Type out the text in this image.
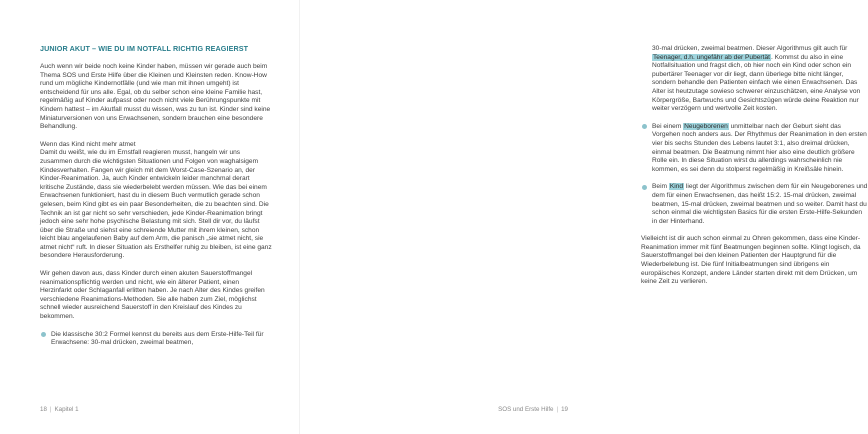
JUNIOR AKUT – WIE DU IM NOTFALL RICHTIG REAGIERST

Auch wenn wir beide noch keine Kinder haben, müssen wir gerade auch beim Thema SOS und Erste Hilfe über die Kleinen und Kleinsten reden. Know-How rund um mögliche Kindernotfälle (und wie man mit ihnen umgeht) ist entscheidend für uns alle. Egal, ob du selber schon eine kleine Familie hast, regelmäßig auf Kinder aufpasst oder noch nicht viele Berührungspunkte mit Kindern hattest – im Akutfall musst du wissen, was zu tun ist. Kinder sind keine Miniaturversionen von uns Erwachsenen, sondern brauchen eine besondere Behandlung.

Wenn das Kind nicht mehr atmet

Damit du weißt, wie du im Ernstfall reagieren musst, hangeln wir uns zusammen durch die wichtigsten Situationen und Folgen von waghalsigem Kindesverhalten. Fangen wir gleich mit dem Worst-Case-Szenario an, der Kinder-Reanimation. Ja, auch Kinder entwickeln leider manchmal derart kritische Zustände, dass sie wiederbelebt werden müssen. Wie das bei einem Erwachsenen funktioniert, hast du in diesem Buch vermutlich gerade schon gelesen, beim Kind gibt es ein paar Besonderheiten, die zu beachten sind. Die Technik an ist gar nicht so sehr verschieden, jede Kinder-Reanimation bringt jedoch eine sehr hohe psychische Belastung mit sich. Stell dir vor, du läufst über die Straße und siehst eine schreiende Mutter mit ihrem kleinen, schon leicht blau angelaufenen Baby auf dem Arm, die panisch „sie atmet nicht, sie atmet nicht“ ruft. In dieser Situation als Ersthelfer ruhig zu bleiben, ist eine ganz besondere Herausforderung.

Wir gehen davon aus, dass Kinder durch einen akuten Sauerstoffmangel reanimationspflichtig werden und nicht, wie ein älterer Patient, einen Herzinfarkt oder Schlaganfall erlitten haben. Je nach Alter des Kindes greifen verschiedene Reanimations-Methoden. Sie alle haben zum Ziel, möglichst schnell wieder ausreichend Sauerstoff in den Kreislauf des Kindes zu bekommen.

Die klassische 30:2 Formel kennst du bereits aus dem Erste-Hilfe-Teil für Erwachsene: 30-mal drücken, zweimal beatmen,
18 | Kapitel 1
30-mal drücken, zweimal beatmen. Dieser Algorithmus gilt auch für Teenager, d.h. ungefähr ab der Pubertät. Kommst du also in eine Notfallsituation und fragst dich, ob hier noch ein Kind oder schon ein pubertärer Teenager vor dir liegt, dann überlege bitte nicht länger, sondern behandle den Patienten einfach wie einen Erwachsenen. Das Alter ist heutzutage sowieso schwerer einzuschätzen, eine Analyse von Körpergröße, Bartwuchs und Gesichtszügen würde deine Reaktion nur weiter verzögern und wertvolle Zeit kosten.
Bei einem Neugeborenen unmittelbar nach der Geburt sieht das Vorgehen noch anders aus. Der Rhythmus der Reanimation in den ersten vier bis sechs Stunden des Lebens lautet 3:1, also dreimal drücken, einmal beatmen. Die Beatmung nimmt hier also eine deutlich größere Rolle ein. In diese Situation wirst du allerdings wahrscheinlich nie kommen, es sei denn du stolperst regelmäßig in Kreißsäle hinein.
Beim Kind liegt der Algorithmus zwischen dem für ein Neugeborenes und dem für einen Erwachsenen, das heißt 15:2. 15-mal drücken, zweimal beatmen, 15-mal drücken, zweimal beatmen und so weiter. Damit hast du schon einmal die wichtigsten Basics für die ersten Erste-Hilfe-Sekunden in der Hinterhand.

Vielleicht ist dir auch schon einmal zu Ohren gekommen, dass eine Kinder-Reanimation immer mit fünf Beatmungen beginnen sollte. Klingt logisch, da Sauerstoffmangel bei den kleinen Patienten der Hauptgrund für die Wiederbelebung ist. Die fünf Initialbeatmungen sind übrigens ein europäisches Konzept, andere Länder starten direkt mit dem Drücken, um keine Zeit zu verlieren.

SOS und Erste Hilfe | 19
